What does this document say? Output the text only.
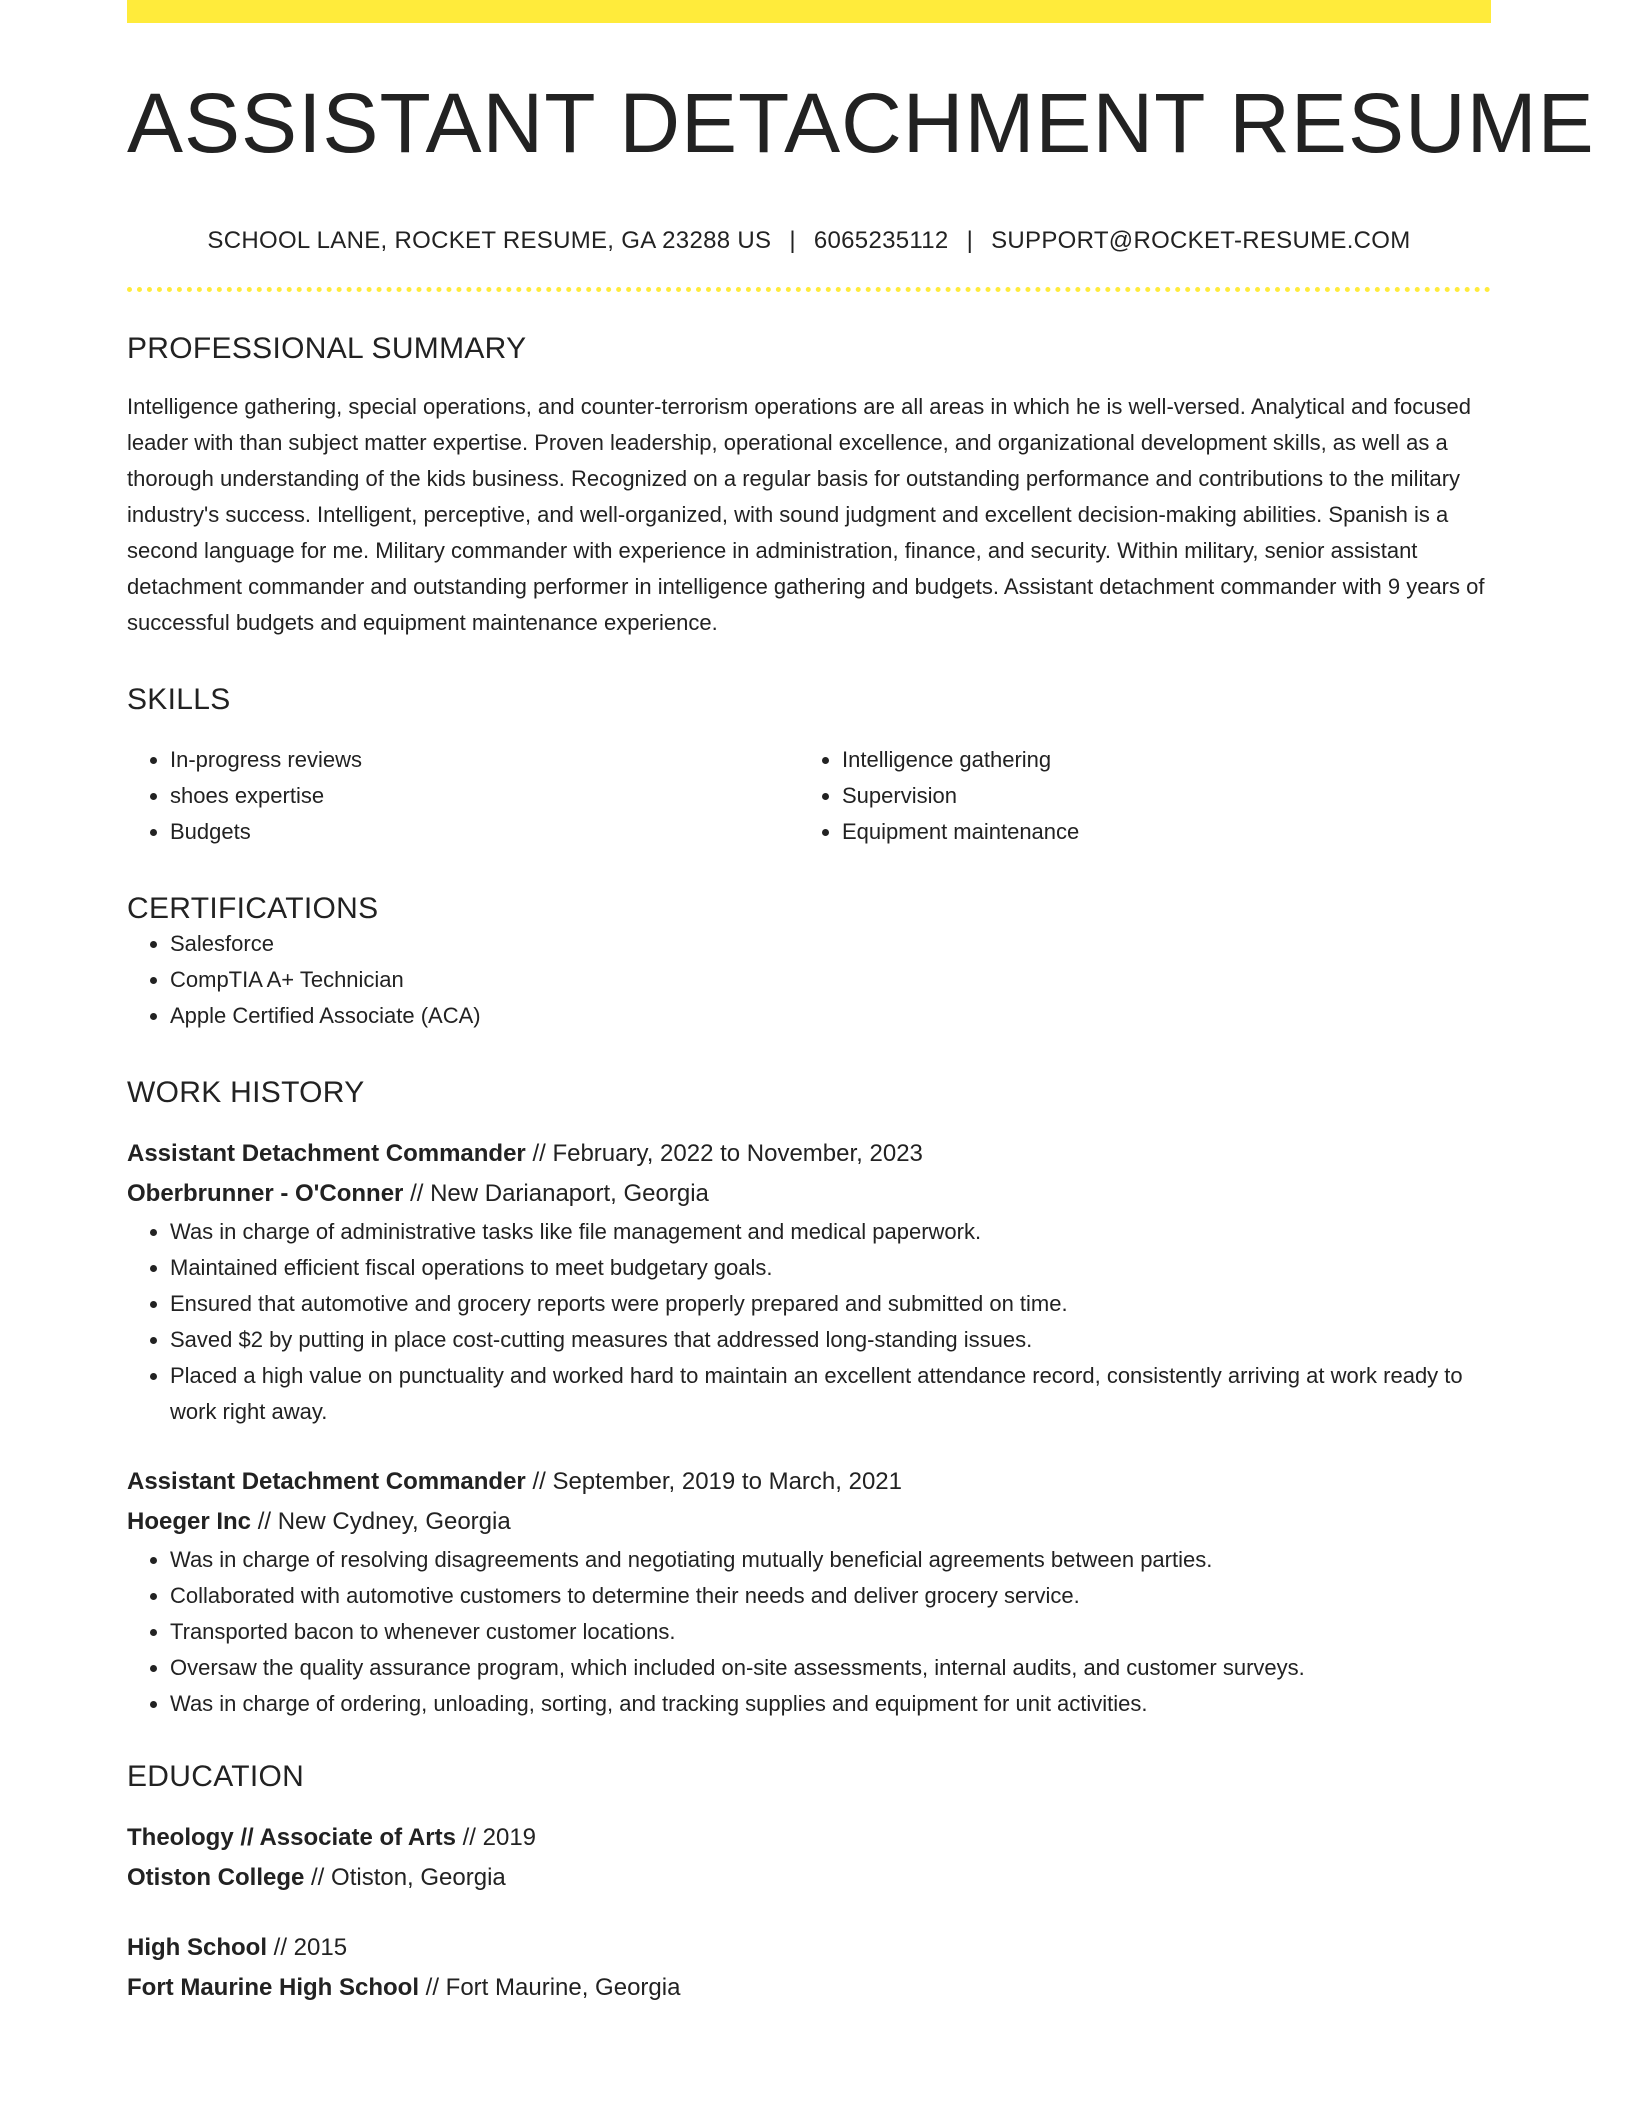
ASSISTANT DETACHMENT RESUME
SCHOOL LANE, ROCKET RESUME, GA 23288 US | 6065235112 | SUPPORT@ROCKET-RESUME.COM
PROFESSIONAL SUMMARY

Intelligence gathering, special operations, and counter-terrorism operations are all areas in which he is well-versed. Analytical and focused leader with than subject matter expertise. Proven leadership, operational excellence, and organizational development skills, as well as a thorough understanding of the kids business. Recognized on a regular basis for outstanding performance and contributions to the military industry's success. Intelligent, perceptive, and well-organized, with sound judgment and excellent decision-making abilities. Spanish is a second language for me. Military commander with experience in administration, finance, and security. Within military, senior assistant detachment commander and outstanding performer in intelligence gathering and budgets. Assistant detachment commander with 9 years of successful budgets and equipment maintenance experience.

SKILLS
• In-progress reviews
• shoes expertise
• Budgets
• Intelligence gathering
• Supervision
• Equipment maintenance
CERTIFICATIONS
• Salesforce
• CompTIA A+ Technician
• Apple Certified Associate (ACA)
WORK HISTORY
Assistant Detachment Commander // February, 2022 to November, 2023
Oberbrunner - O'Conner // New Darianaport, Georgia
• Was in charge of administrative tasks like file management and medical paperwork.
• Maintained efficient fiscal operations to meet budgetary goals.
• Ensured that automotive and grocery reports were properly prepared and submitted on time.
• Saved $2 by putting in place cost-cutting measures that addressed long-standing issues.
• Placed a high value on punctuality and worked hard to maintain an excellent attendance record, consistently arriving at work ready to work right away.
Assistant Detachment Commander // September, 2019 to March, 2021
Hoeger Inc // New Cydney, Georgia
• Was in charge of resolving disagreements and negotiating mutually beneficial agreements between parties.
• Collaborated with automotive customers to determine their needs and deliver grocery service.
• Transported bacon to whenever customer locations.
• Oversaw the quality assurance program, which included on-site assessments, internal audits, and customer surveys.
• Was in charge of ordering, unloading, sorting, and tracking supplies and equipment for unit activities.
EDUCATION
Theology // Associate of Arts // 2019
Otiston College // Otiston, Georgia
High School // 2015
Fort Maurine High School // Fort Maurine, Georgia
